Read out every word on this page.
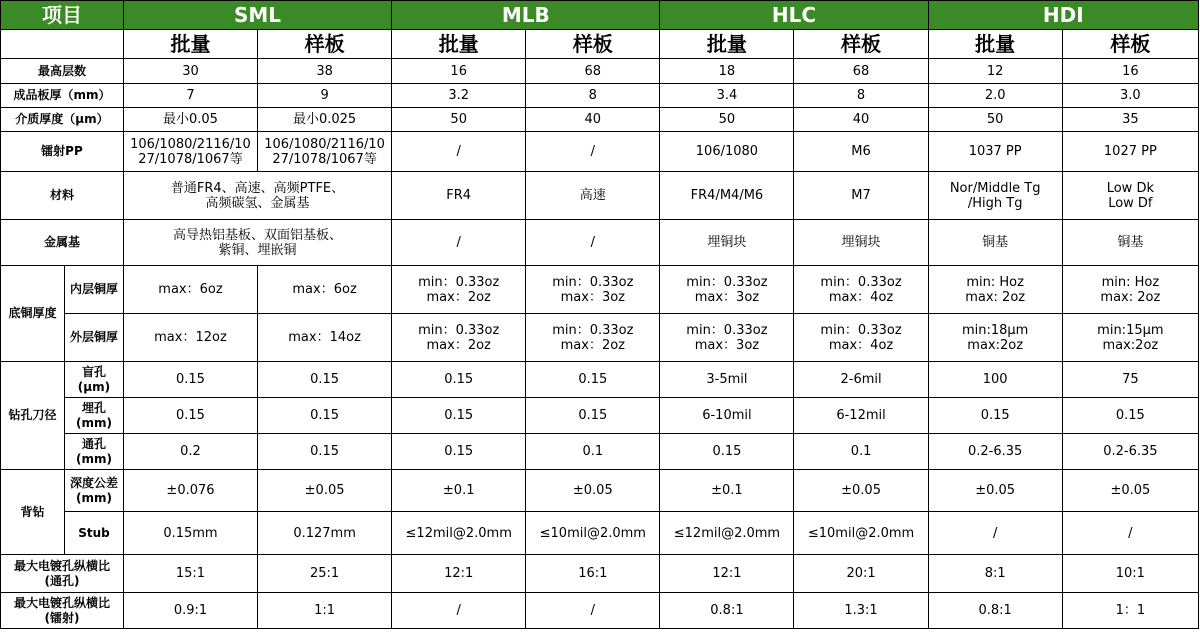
项目		SML		MLB		HLC		HDI	
		批量	样板	批量	样板	批量	样板	批量	样板
最高层数		30	38	16	68	18	68	12	16

成品板厚（mm）		7	9	3.2	8	3.4	8	2.0	3.0

介质厚度（μm）		最小0.05	最小0.025	50	40	50	40	50	35

镭射PP		106/1080/2116/10
27/1078/1067等	106/1080/2116/10
27/1078/1067等	/	/	106/1080	M6	1037 PP	1027 PP

材料		普通FR4、高速、高频PTFE、
高频碳氢、金属基		FR4	高速	FR4/M4/M6	M7	Nor/Middle Tg
/High Tg	Low Dk
Low Df

金属基		高导热铝基板、双面铝基板、
紫铜、埋嵌铜		/	/	埋铜块	埋铜块	铜基	铜基

底铜厚度	内层铜厚	max：6oz	max：6oz	min：0.33oz
max：2oz	min：0.33oz
max：3oz	min：0.33oz
max：3oz	min：0.33oz
max：4oz	min: Hoz
max: 2oz	min: Hoz
max: 2oz

	外层铜厚	max：12oz	max：14oz	min：0.33oz
max：2oz	min：0.33oz
max：2oz	min：0.33oz
max：3oz	min：0.33oz
max：4oz	min:18μm
max:2oz	min:15μm
max:2oz

钻孔刀径	盲孔
(μm)	0.15	0.15	0.15	0.15	3-5mil	2-6mil	100	75

	埋孔
(mm)	0.15	0.15	0.15	0.15	6-10mil	6-12mil	0.15	0.15

	通孔
(mm)	0.2	0.15	0.15	0.1	0.15	0.1	0.2-6.35	0.2-6.35

背钻	深度公差
(mm)	±0.076	±0.05	±0.1	±0.05	±0.1	±0.05	±0.05	±0.05

	Stub	0.15mm	0.127mm	≤12mil@2.0mm	≤10mil@2.0mm	≤12mil@2.0mm	≤10mil@2.0mm	/	/

最大电镀孔纵横比
(通孔)		15:1	25:1	12:1	16:1	12:1	20:1	8:1	10:1

最大电镀孔纵横比
(镭射)		0.9:1	1:1	/	/	0.8:1	1.3:1	0.8:1	1：1
